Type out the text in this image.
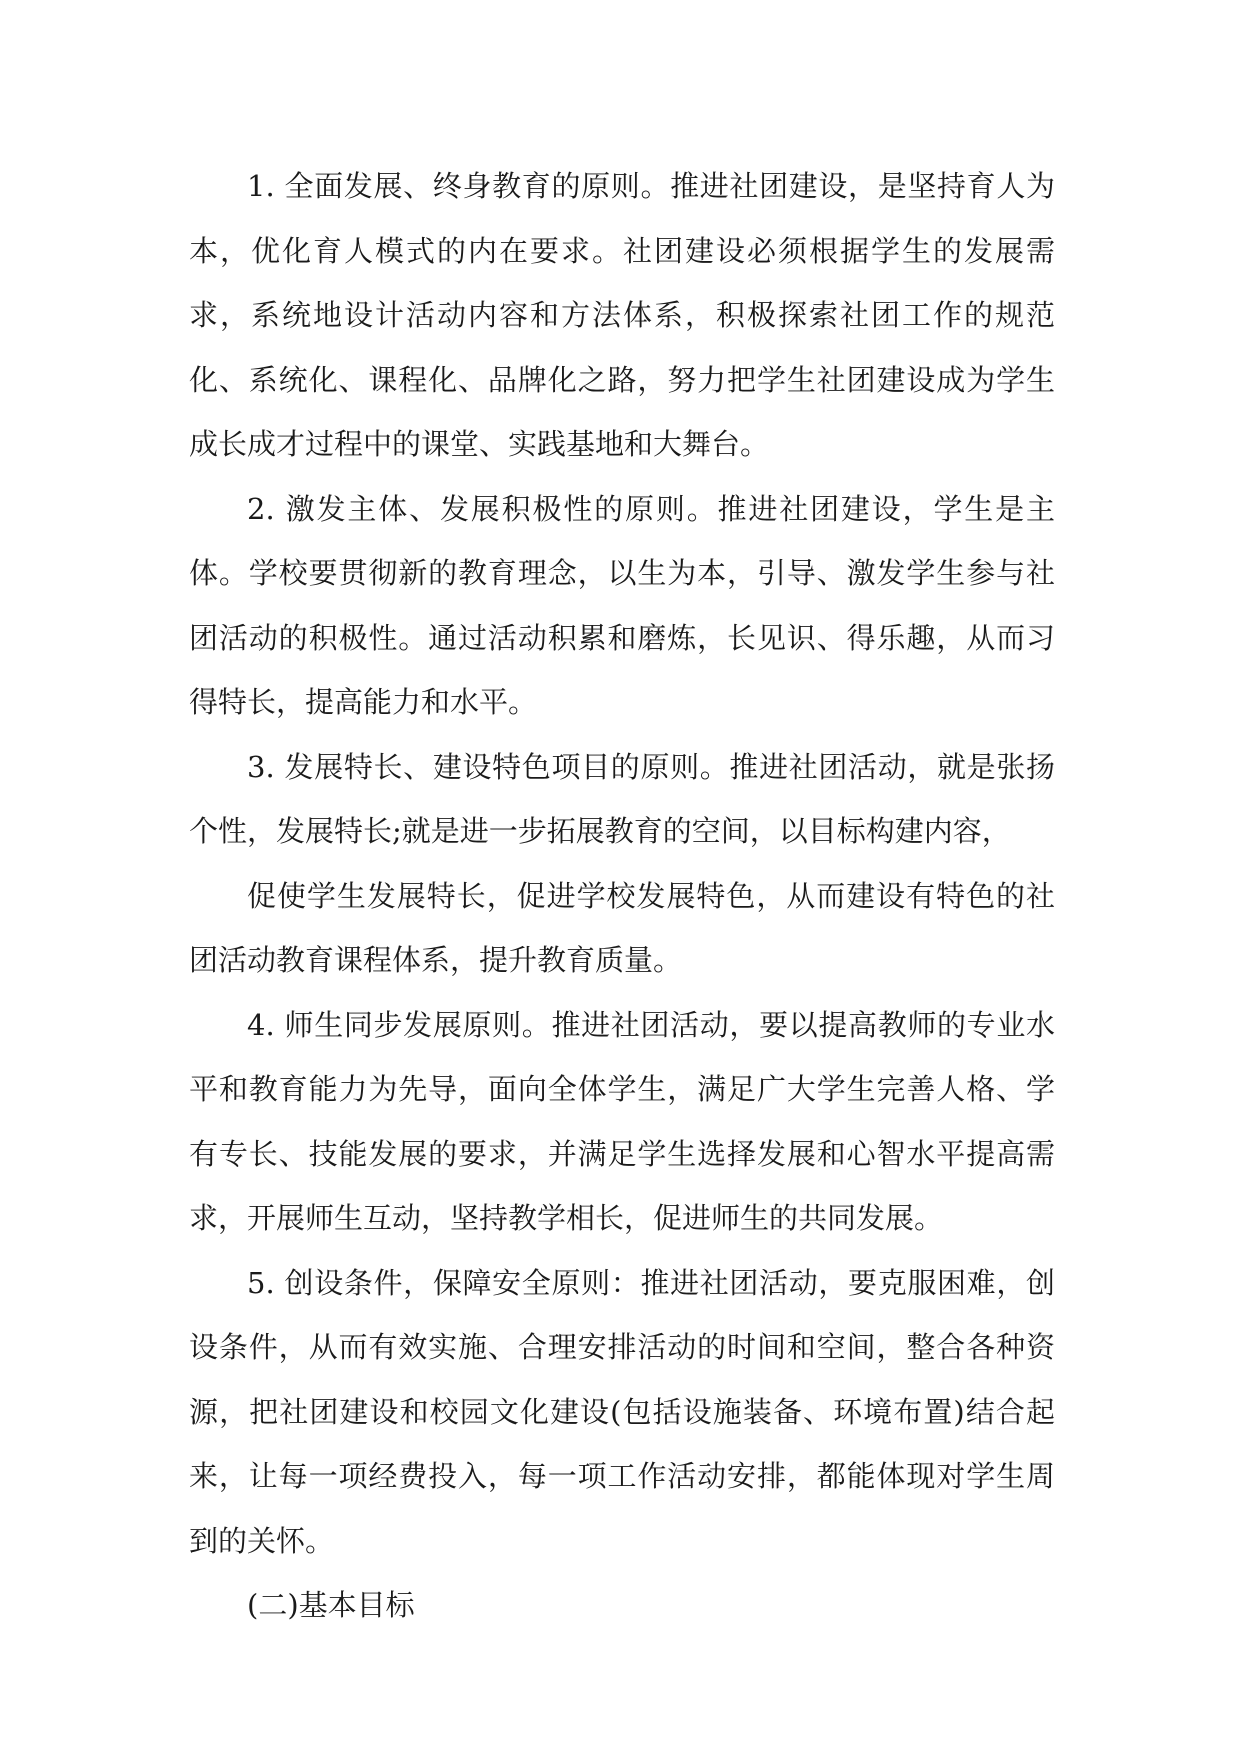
1. 全面发展、终身教育的原则。推进社团建设，是坚持育人为本，优化育人模式的内在要求。社团建设必须根据学生的发展需求，系统地设计活动内容和方法体系，积极探索社团工作的规范化、系统化、课程化、品牌化之路，努力把学生社团建设成为学生成长成才过程中的课堂、实践基地和大舞台。

2. 激发主体、发展积极性的原则。推进社团建设，学生是主体。学校要贯彻新的教育理念，以生为本，引导、激发学生参与社团活动的积极性。通过活动积累和磨炼，长见识、得乐趣，从而习得特长，提高能力和水平。

3. 发展特长、建设特色项目的原则。推进社团活动，就是张扬个性，发展特长;就是进一步拓展教育的空间，以目标构建内容，

促使学生发展特长，促进学校发展特色，从而建设有特色的社团活动教育课程体系，提升教育质量。

4. 师生同步发展原则。推进社团活动，要以提高教师的专业水平和教育能力为先导，面向全体学生，满足广大学生完善人格、学有专长、技能发展的要求，并满足学生选择发展和心智水平提高需求，开展师生互动，坚持教学相长，促进师生的共同发展。

5. 创设条件，保障安全原则：推进社团活动，要克服困难，创设条件，从而有效实施、合理安排活动的时间和空间，整合各种资源，把社团建设和校园文化建设(包括设施装备、环境布置)结合起来，让每一项经费投入，每一项工作活动安排，都能体现对学生周到的关怀。

(二)基本目标
